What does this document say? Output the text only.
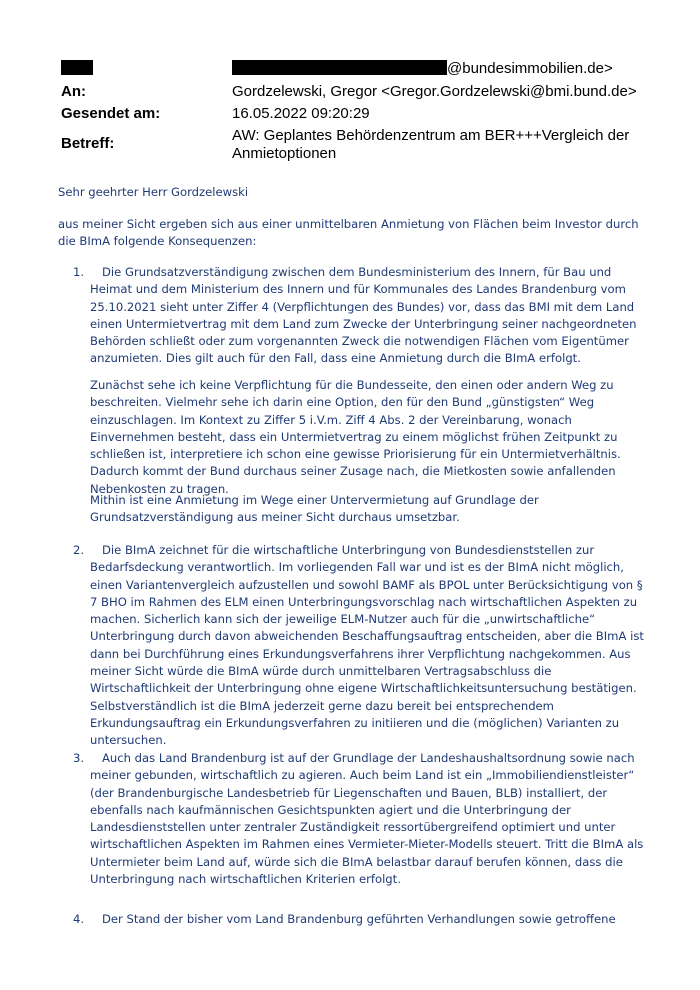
@bundesimmobilien.de>
An:	Gordzelewski, Gregor <Gregor.Gordzelewski@bmi.bund.de>
Gesendet am:	16.05.2022 09:20:29
Betreff:	AW: Geplantes Behördenzentrum am BER+++Vergleich der
Anmietoptionen

Sehr geehrter Herr Gordzelewski

aus meiner Sicht ergeben sich aus einer unmittelbaren Anmietung von Flächen beim Investor durch die BImA folgende Konsequenzen:

1.	Die Grundsatzverständigung zwischen dem Bundesministerium des Innern, für Bau und Heimat und dem Ministerium des Innern und für Kommunales des Landes Brandenburg vom 25.10.2021 sieht unter Ziffer 4 (Verpflichtungen des Bundes) vor, dass das BMI mit dem Land einen Untermietvertrag mit dem Land zum Zwecke der Unterbringung seiner nachgeordneten Behörden schließt oder zum vorgenannten Zweck die notwendigen Flächen vom Eigentümer anzumieten. Dies gilt auch für den Fall, dass eine Anmietung durch die BImA erfolgt.

Zunächst sehe ich keine Verpflichtung für die Bundesseite, den einen oder andern Weg zu beschreiten. Vielmehr sehe ich darin eine Option, den für den Bund „günstigsten“ Weg einzuschlagen. Im Kontext zu Ziffer 5 i.V.m. Ziff 4 Abs. 2 der Vereinbarung, wonach Einvernehmen besteht, dass ein Untermietvertrag zu einem möglichst frühen Zeitpunkt zu schließen ist, interpretiere ich schon eine gewisse Priorisierung für ein Untermietverhältnis. Dadurch kommt der Bund durchaus seiner Zusage nach, die Mietkosten sowie anfallenden Nebenkosten zu tragen.

Mithin ist eine Anmietung im Wege einer Untervermietung auf Grundlage der Grundsatzverständigung aus meiner Sicht durchaus umsetzbar.

2.	Die BImA zeichnet für die wirtschaftliche Unterbringung von Bundesdienststellen zur Bedarfsdeckung verantwortlich. Im vorliegenden Fall war und ist es der BImA nicht möglich, einen Variantenvergleich aufzustellen und sowohl BAMF als BPOL unter Berücksichtigung von § 7 BHO im Rahmen des ELM einen Unterbringungsvorschlag nach wirtschaftlichen Aspekten zu machen. Sicherlich kann sich der jeweilige ELM-Nutzer auch für die „unwirtschaftliche“ Unterbringung durch davon abweichenden Beschaffungsauftrag entscheiden, aber die BImA ist dann bei Durchführung eines Erkundungsverfahrens ihrer Verpflichtung nachgekommen. Aus meiner Sicht würde die BImA würde durch unmittelbaren Vertragsabschluss die Wirtschaftlichkeit der Unterbringung ohne eigene Wirtschaftlichkeitsuntersuchung bestätigen. Selbstverständlich ist die BImA jederzeit gerne dazu bereit bei entsprechendem Erkundungsauftrag ein Erkundungsverfahren zu initiieren und die (möglichen) Varianten zu untersuchen.

3.	Auch das Land Brandenburg ist auf der Grundlage der Landeshaushaltsordnung sowie nach meiner gebunden, wirtschaftlich zu agieren. Auch beim Land ist ein „Immobiliendienstleister“ (der Brandenburgische Landesbetrieb für Liegenschaften und Bauen, BLB) installiert, der ebenfalls nach kaufmännischen Gesichtspunkten agiert und die Unterbringung der Landesdienststellen unter zentraler Zuständigkeit ressortübergreifend optimiert und unter wirtschaftlichen Aspekten im Rahmen eines Vermieter-Mieter-Modells steuert. Tritt die BImA als Untermieter beim Land auf, würde sich die BImA belastbar darauf berufen können, dass die Unterbringung nach wirtschaftlichen Kriterien erfolgt.

4.	Der Stand der bisher vom Land Brandenburg geführten Verhandlungen sowie getroffene
